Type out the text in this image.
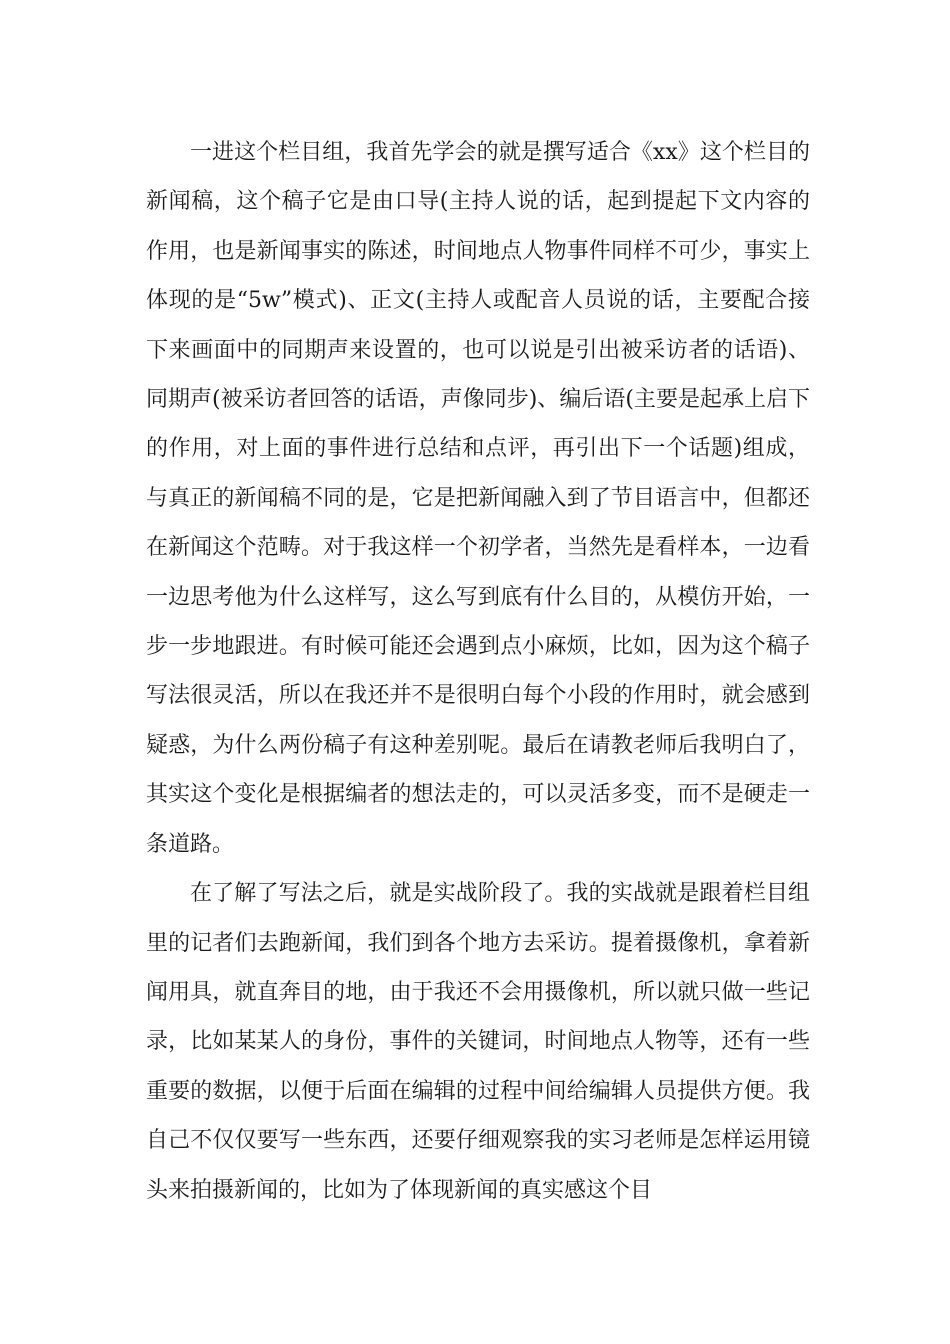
一进这个栏目组，我首先学会的就是撰写适合《xx》这个栏目的新闻稿，这个稿子它是由口导(主持人说的话，起到提起下文内容的作用，也是新闻事实的陈述，时间地点人物事件同样不可少，事实上体现的是“5w”模式)、正文(主持人或配音人员说的话，主要配合接下来画面中的同期声来设置的，也可以说是引出被采访者的话语)、同期声(被采访者回答的话语，声像同步)、编后语(主要是起承上启下的作用，对上面的事件进行总结和点评，再引出下一个话题)组成，与真正的新闻稿不同的是，它是把新闻融入到了节目语言中，但都还在新闻这个范畴。对于我这样一个初学者，当然先是看样本，一边看一边思考他为什么这样写，这么写到底有什么目的，从模仿开始，一步一步地跟进。有时候可能还会遇到点小麻烦，比如，因为这个稿子写法很灵活，所以在我还并不是很明白每个小段的作用时，就会感到疑惑，为什么两份稿子有这种差别呢。最后在请教老师后我明白了，其实这个变化是根据编者的想法走的，可以灵活多变，而不是硬走一条道路。

在了解了写法之后，就是实战阶段了。我的实战就是跟着栏目组里的记者们去跑新闻，我们到各个地方去采访。提着摄像机，拿着新闻用具，就直奔目的地，由于我还不会用摄像机，所以就只做一些记录，比如某某人的身份，事件的关键词，时间地点人物等，还有一些重要的数据，以便于后面在编辑的过程中间给编辑人员提供方便。我自己不仅仅要写一些东西，还要仔细观察我的实习老师是怎样运用镜头来拍摄新闻的，比如为了体现新闻的真实感这个目
